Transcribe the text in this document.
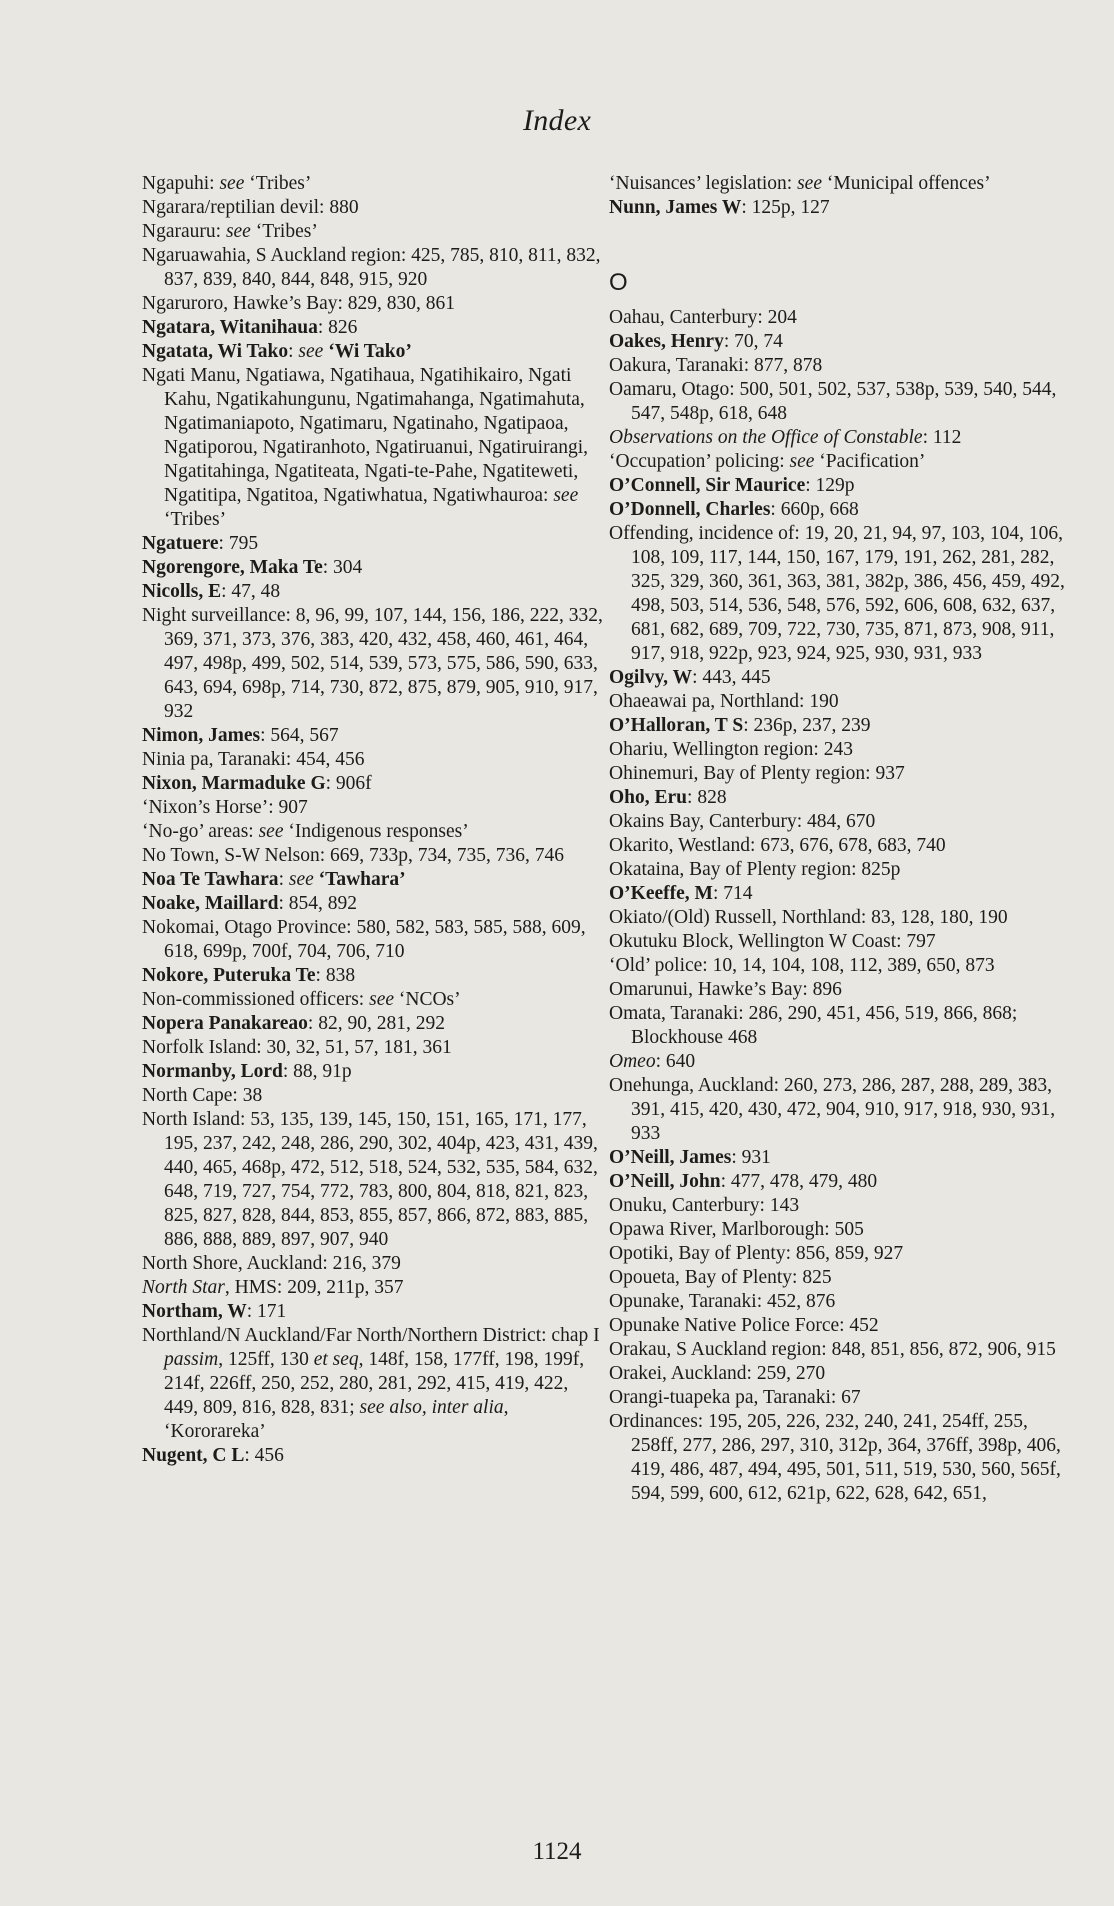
Index

Ngapuhi: see ‘Tribes’

Ngarara/reptilian devil: 880

Ngarauru: see ‘Tribes’

Ngaruawahia, S Auckland region: 425, 785, 810, 811, 832, 837, 839, 840, 844, 848, 915, 920

Ngaruroro, Hawke’s Bay: 829, 830, 861

Ngatara, Witanihaua: 826

Ngatata, Wi Tako: see ‘Wi Tako’

Ngati Manu, Ngatiawa, Ngatihaua, Ngatihikairo, Ngati Kahu, Ngatikahungunu, Ngatimahanga, Ngatimahuta, Ngatimaniapoto, Ngatimaru, Ngatinaho, Ngatipaoa, Ngatiporou, Ngatiranhoto, Ngatiruanui, Ngatiruirangi, Ngatitahinga, Ngatiteata, Ngati-te-Pahe, Ngatiteweti, Ngatitipa, Ngatitoa, Ngatiwhatua, Ngatiwhauroa: see ‘Tribes’

Ngatuere: 795

Ngorengore, Maka Te: 304

Nicolls, E: 47, 48

Night surveillance: 8, 96, 99, 107, 144, 156, 186, 222, 332, 369, 371, 373, 376, 383, 420, 432, 458, 460, 461, 464, 497, 498p, 499, 502, 514, 539, 573, 575, 586, 590, 633, 643, 694, 698p, 714, 730, 872, 875, 879, 905, 910, 917, 932

Nimon, James: 564, 567

Ninia pa, Taranaki: 454, 456

Nixon, Marmaduke G: 906f

‘Nixon’s Horse’: 907

‘No-go’ areas: see ‘Indigenous responses’

No Town, S-W Nelson: 669, 733p, 734, 735, 736, 746

Noa Te Tawhara: see ‘Tawhara’

Noake, Maillard: 854, 892

Nokomai, Otago Province: 580, 582, 583, 585, 588, 609, 618, 699p, 700f, 704, 706, 710

Nokore, Puteruka Te: 838

Non-commissioned officers: see ‘NCOs’

Nopera Panakareao: 82, 90, 281, 292

Norfolk Island: 30, 32, 51, 57, 181, 361

Normanby, Lord: 88, 91p

North Cape: 38

North Island: 53, 135, 139, 145, 150, 151, 165, 171, 177, 195, 237, 242, 248, 286, 290, 302, 404p, 423, 431, 439, 440, 465, 468p, 472, 512, 518, 524, 532, 535, 584, 632, 648, 719, 727, 754, 772, 783, 800, 804, 818, 821, 823, 825, 827, 828, 844, 853, 855, 857, 866, 872, 883, 885, 886, 888, 889, 897, 907, 940

North Shore, Auckland: 216, 379

North Star, HMS: 209, 211p, 357

Northam, W: 171

Northland/N Auckland/Far North/Northern District: chap I passim, 125ff, 130 et seq, 148f, 158, 177ff, 198, 199f, 214f, 226ff, 250, 252, 280, 281, 292, 415, 419, 422, 449, 809, 816, 828, 831; see also, inter alia, ‘Kororareka’

Nugent, C L: 456

‘Nuisances’ legislation: see ‘Municipal offences’

Nunn, James W: 125p, 127

O

Oahau, Canterbury: 204

Oakes, Henry: 70, 74

Oakura, Taranaki: 877, 878

Oamaru, Otago: 500, 501, 502, 537, 538p, 539, 540, 544, 547, 548p, 618, 648

Observations on the Office of Constable: 112

‘Occupation’ policing: see ‘Pacification’

O’Connell, Sir Maurice: 129p

O’Donnell, Charles: 660p, 668

Offending, incidence of: 19, 20, 21, 94, 97, 103, 104, 106, 108, 109, 117, 144, 150, 167, 179, 191, 262, 281, 282, 325, 329, 360, 361, 363, 381, 382p, 386, 456, 459, 492, 498, 503, 514, 536, 548, 576, 592, 606, 608, 632, 637, 681, 682, 689, 709, 722, 730, 735, 871, 873, 908, 911, 917, 918, 922p, 923, 924, 925, 930, 931, 933

Ogilvy, W: 443, 445

Ohaeawai pa, Northland: 190

O’Halloran, T S: 236p, 237, 239

Ohariu, Wellington region: 243

Ohinemuri, Bay of Plenty region: 937

Oho, Eru: 828

Okains Bay, Canterbury: 484, 670

Okarito, Westland: 673, 676, 678, 683, 740

Okataina, Bay of Plenty region: 825p

O’Keeffe, M: 714

Okiato/(Old) Russell, Northland: 83, 128, 180, 190

Okutuku Block, Wellington W Coast: 797

‘Old’ police: 10, 14, 104, 108, 112, 389, 650, 873

Omarunui, Hawke’s Bay: 896

Omata, Taranaki: 286, 290, 451, 456, 519, 866, 868; Blockhouse 468

Omeo: 640

Onehunga, Auckland: 260, 273, 286, 287, 288, 289, 383, 391, 415, 420, 430, 472, 904, 910, 917, 918, 930, 931, 933

O’Neill, James: 931

O’Neill, John: 477, 478, 479, 480

Onuku, Canterbury: 143

Opawa River, Marlborough: 505

Opotiki, Bay of Plenty: 856, 859, 927

Opoueta, Bay of Plenty: 825

Opunake, Taranaki: 452, 876

Opunake Native Police Force: 452

Orakau, S Auckland region: 848, 851, 856, 872, 906, 915

Orakei, Auckland: 259, 270

Orangi-tuapeka pa, Taranaki: 67

Ordinances: 195, 205, 226, 232, 240, 241, 254ff, 255, 258ff, 277, 286, 297, 310, 312p, 364, 376ff, 398p, 406, 419, 486, 487, 494, 495, 501, 511, 519, 530, 560, 565f, 594, 599, 600, 612, 621p, 622, 628, 642, 651,

1124
